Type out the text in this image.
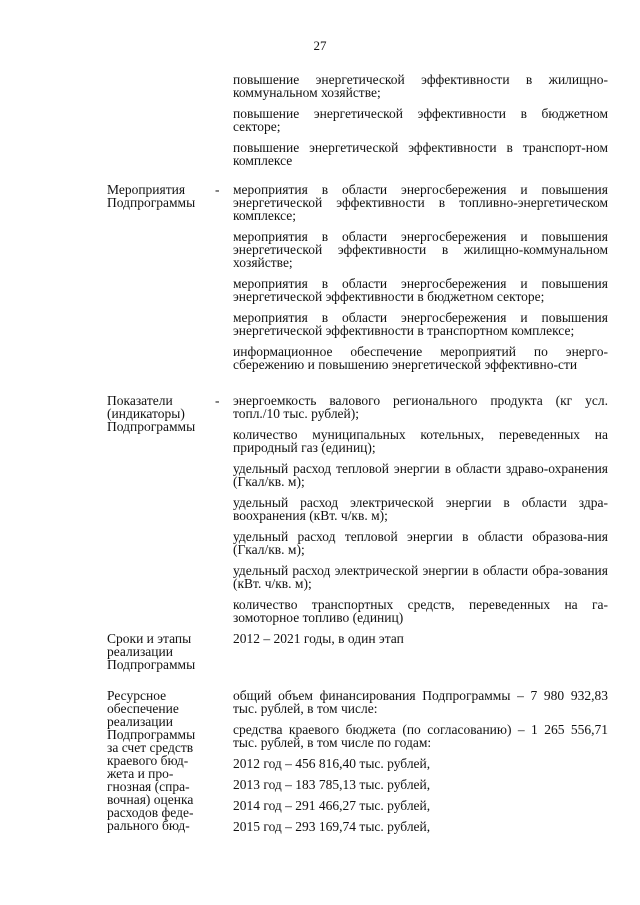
27
повышение энергетической эффективности в жилищно-коммунальном хозяйстве;
повышение энергетической эффективности в бюджетном секторе;
повышение энергетической эффективности в транспорт-ном комплексе
Мероприятия Подпрограммы
- мероприятия в области энергосбережения и повышения энергетической эффективности в топливно-энергетическом комплексе;
мероприятия в области энергосбережения и повышения энергетической эффективности в жилищно-коммунальном хозяйстве;
мероприятия в области энергосбережения и повышения энергетической эффективности в бюджетном секторе;
мероприятия в области энергосбережения и повышения энергетической эффективности в транспортном комплексе;
информационное обеспечение мероприятий по энерго-сбережению и повышению энергетической эффективно-сти
Показатели (индикаторы) Подпрограммы
- энергоемкость валового регионального продукта (кг усл. топл./10 тыс. рублей);
количество муниципальных котельных, переведенных на природный газ (единиц);
удельный расход тепловой энергии в области здраво-охранения (Гкал/кв. м);
удельный расход электрической энергии в области здра-воохранения (кВт. ч/кв. м);
удельный расход тепловой энергии в области образова-ния (Гкал/кв. м);
удельный расход электрической энергии в области обра-зования (кВт. ч/кв. м);
количество транспортных средств, переведенных на га-зомоторное топливо (единиц)
Сроки и этапы реализации Подпрограммы
2012 – 2021 годы, в один этап
Ресурсное обеспечение реализации Подпрограммы за счет средств краевого бюд-жета и про-гнозная (спра-вочная) оценка расходов феде-рального бюд-
общий объем финансирования Подпрограммы – 7 980 932,83 тыс. рублей, в том числе:
средства краевого бюджета (по согласованию) – 1 265 556,71 тыс. рублей, в том числе по годам:
2012 год – 456 816,40 тыс. рублей,
2013 год – 183 785,13 тыс. рублей,
2014 год – 291 466,27 тыс. рублей,
2015 год – 293 169,74 тыс. рублей,
